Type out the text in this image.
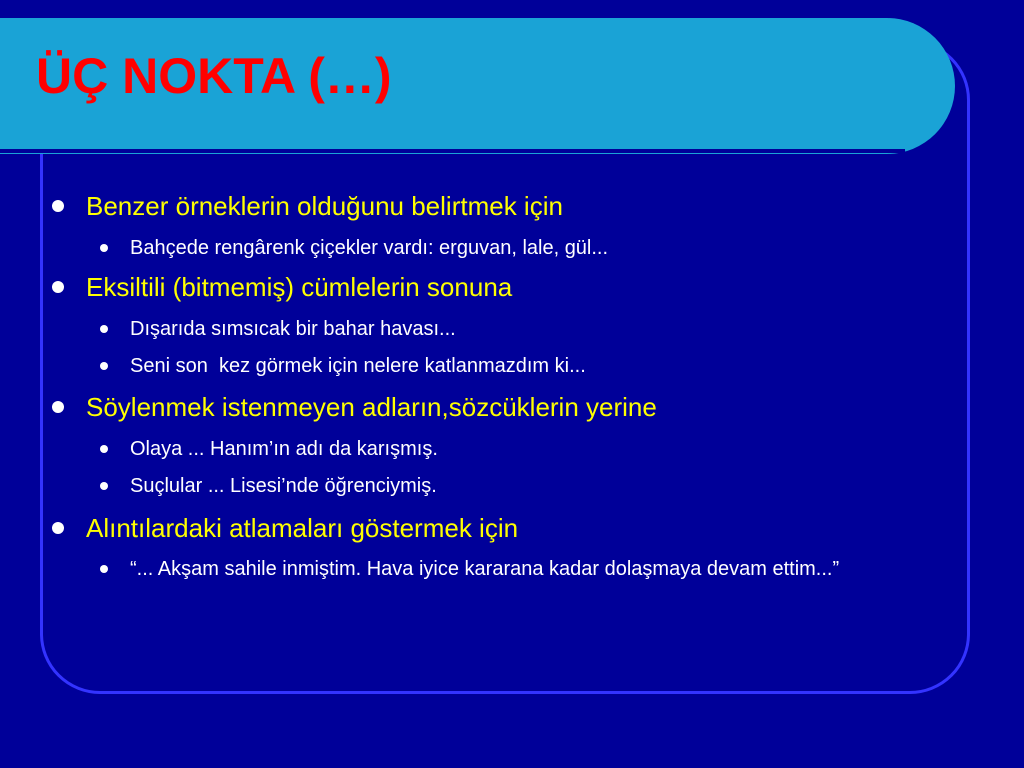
ÜÇ NOKTA (…)
Benzer örneklerin olduğunu belirtmek için
Bahçede rengârenk çiçekler vardı: erguvan, lale, gül...
Eksiltili (bitmemiş) cümlelerin sonuna
Dışarıda sımsıcak bir bahar havası...
Seni son  kez görmek için nelere katlanmazdım ki...
Söylenmek istenmeyen adların,sözcüklerin yerine
Olaya ... Hanım’ın adı da karışmış.
Suçlular ... Lisesi’nde öğrenciymiş.
Alıntılardaki atlamaları göstermek için
“... Akşam sahile inmiştim. Hava iyice kararana kadar dolaşmaya devam ettim...”
